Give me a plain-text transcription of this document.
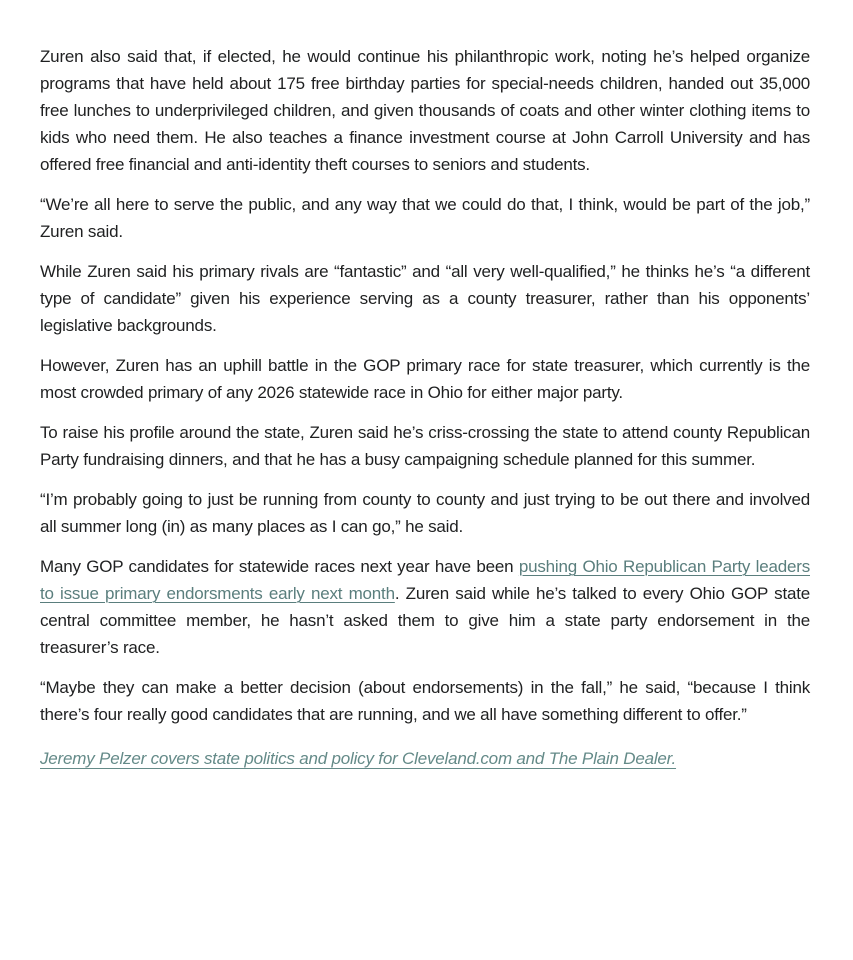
Zuren also said that, if elected, he would continue his philanthropic work, noting he’s helped organize programs that have held about 175 free birthday parties for special-needs children, handed out 35,000 free lunches to underprivileged children, and given thousands of coats and other winter clothing items to kids who need them. He also teaches a finance investment course at John Carroll University and has offered free financial and anti-identity theft courses to seniors and students.

“We’re all here to serve the public, and any way that we could do that, I think, would be part of the job,” Zuren said.

While Zuren said his primary rivals are “fantastic” and “all very well-qualified,” he thinks he’s “a different type of candidate” given his experience serving as a county treasurer, rather than his opponents’ legislative backgrounds.

However, Zuren has an uphill battle in the GOP primary race for state treasurer, which currently is the most crowded primary of any 2026 statewide race in Ohio for either major party.

To raise his profile around the state, Zuren said he’s criss-crossing the state to attend county Republican Party fundraising dinners, and that he has a busy campaigning schedule planned for this summer.

“I’m probably going to just be running from county to county and just trying to be out there and involved all summer long (in) as many places as I can go,” he said.

Many GOP candidates for statewide races next year have been pushing Ohio Republican Party leaders to issue primary endorsments early next month. Zuren said while he’s talked to every Ohio GOP state central committee member, he hasn’t asked them to give him a state party endorsement in the treasurer’s race.

“Maybe they can make a better decision (about endorsements) in the fall,” he said, “because I think there’s four really good candidates that are running, and we all have something different to offer.”

Jeremy Pelzer covers state politics and policy for Cleveland.com and The Plain Dealer.
